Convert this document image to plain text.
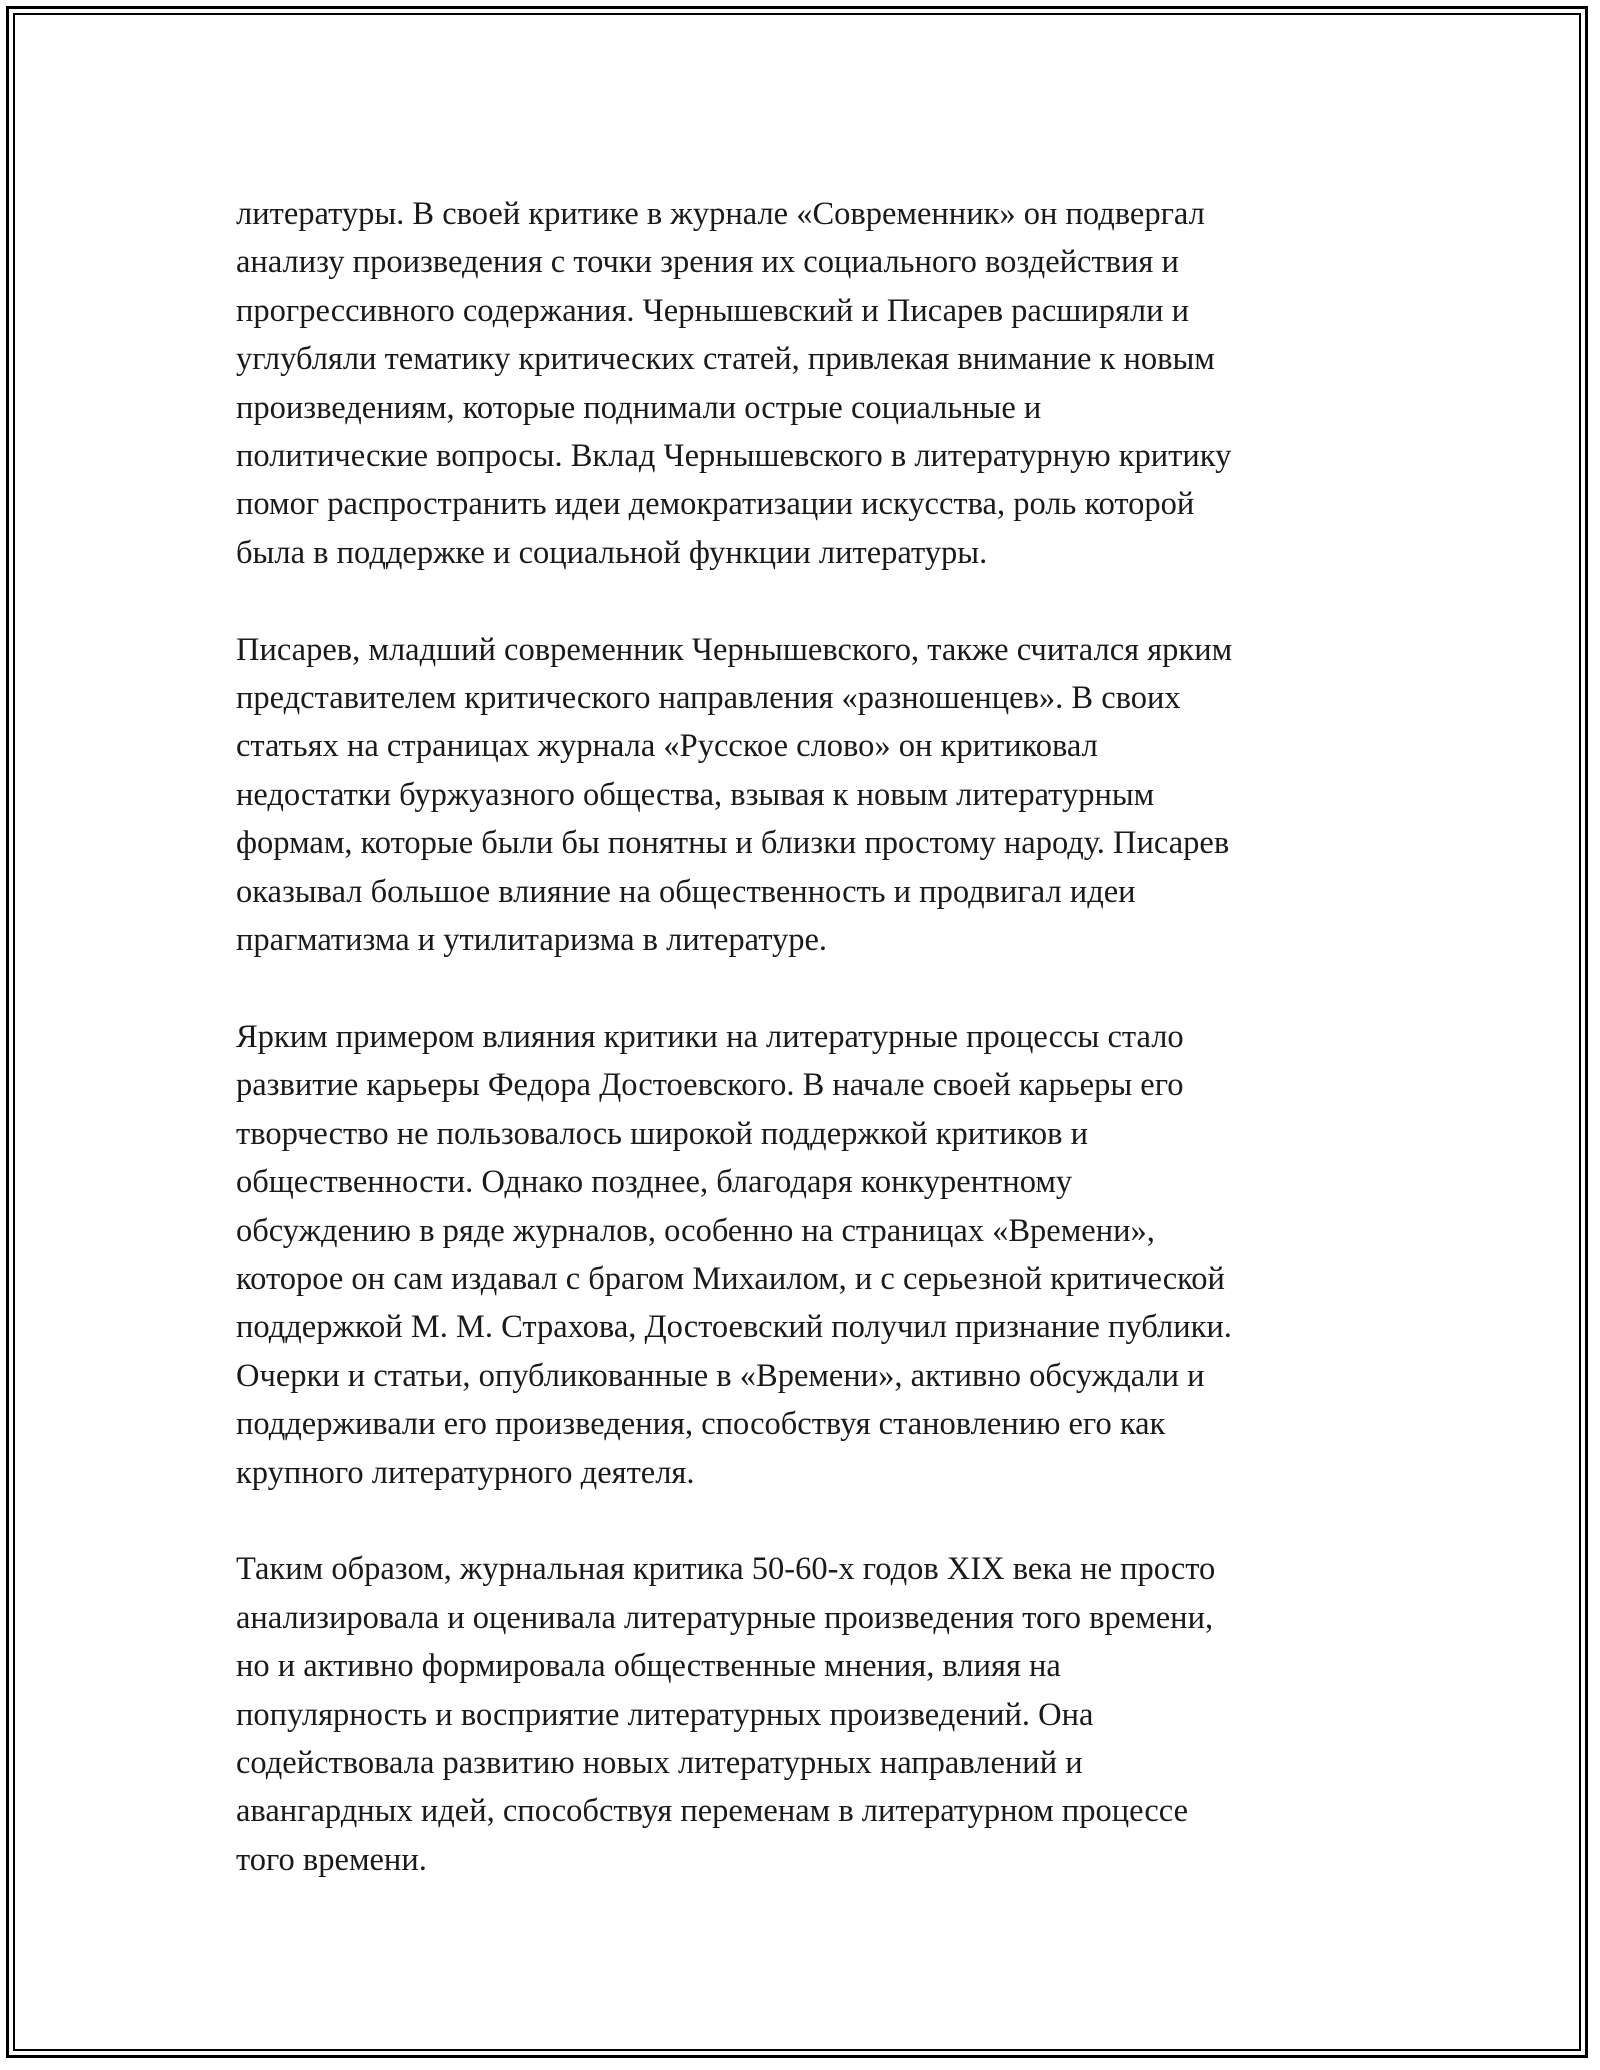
литературы. В своей критике в журнале «Современник» он подвергал
анализу произведения с точки зрения их социального воздействия и
прогрессивного содержания. Чернышевский и Писарев расширяли и
углубляли тематику критических статей, привлекая внимание к новым
произведениям, которые поднимали острые социальные и
политические вопросы. Вклад Чернышевского в литературную критику
помог распространить идеи демократизации искусства, роль которой
была в поддержке и социальной функции литературы.

Писарев, младший современник Чернышевского, также считался ярким
представителем критического направления «разношенцев». В своих
статьях на страницах журнала «Русское слово» он критиковал
недостатки буржуазного общества, взывая к новым литературным
формам, которые были бы понятны и близки простому народу. Писарев
оказывал большое влияние на общественность и продвигал идеи
прагматизма и утилитаризма в литературе.

Ярким примером влияния критики на литературные процессы стало
развитие карьеры Федора Достоевского. В начале своей карьеры его
творчество не пользовалось широкой поддержкой критиков и
общественности. Однако позднее, благодаря конкурентному
обсуждению в ряде журналов, особенно на страницах «Времени»,
которое он сам издавал с брагом Михаилом, и с серьезной критической
поддержкой М. М. Страхова, Достоевский получил признание публики.
Очерки и статьи, опубликованные в «Времени», активно обсуждали и
поддерживали его произведения, способствуя становлению его как
крупного литературного деятеля.

Таким образом, журнальная критика 50-60-х годов XIX века не просто
анализировала и оценивала литературные произведения того времени,
но и активно формировала общественные мнения, влияя на
популярность и восприятие литературных произведений. Она
содействовала развитию новых литературных направлений и
авангардных идей, способствуя переменам в литературном процессе
того времени.
